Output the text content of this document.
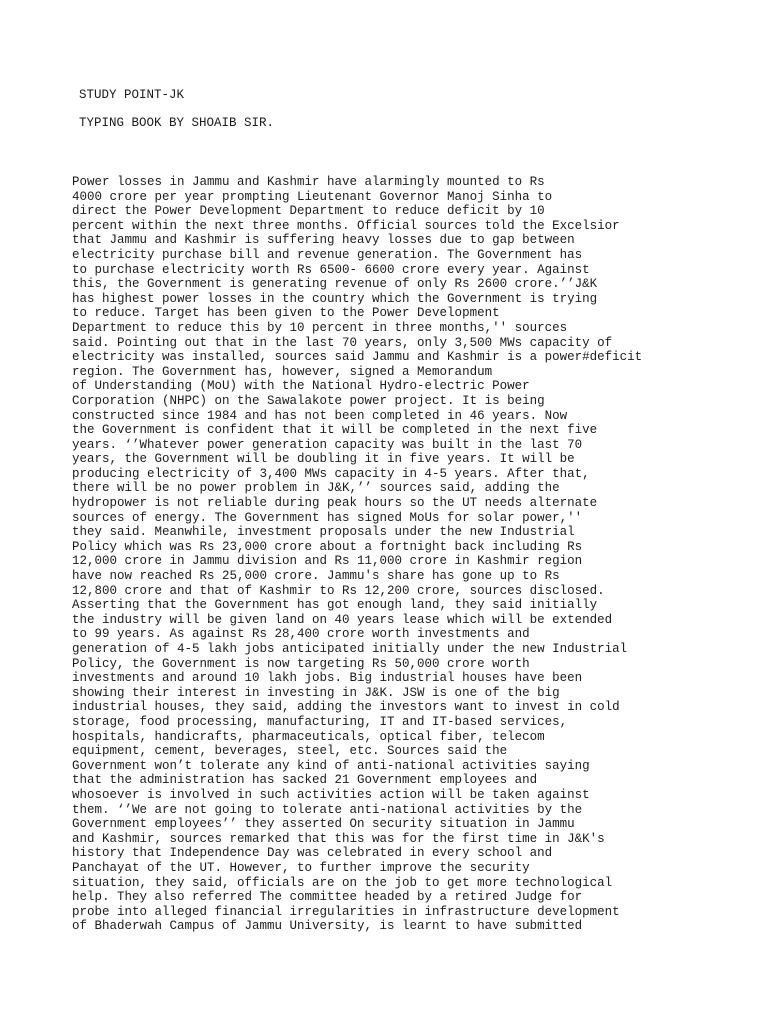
STUDY POINT-JK

TYPING BOOK BY SHOAIB SIR.

Power losses in Jammu and Kashmir have alarmingly mounted to Rs
4000 crore per year prompting Lieutenant Governor Manoj Sinha to
direct the Power Development Department to reduce deficit by 10
percent within the next three months. Official sources told the Excelsior
that Jammu and Kashmir is suffering heavy losses due to gap between
electricity purchase bill and revenue generation. The Government has
to purchase electricity worth Rs 6500- 6600 crore every year. Against
this, the Government is generating revenue of only Rs 2600 crore.’’J&K
has highest power losses in the country which the Government is trying
to reduce. Target has been given to the Power Development
Department to reduce this by 10 percent in three months,'' sources
said. Pointing out that in the last 70 years, only 3,500 MWs capacity of
electricity was installed, sources said Jammu and Kashmir is a power#deficit
region. The Government has, however, signed a Memorandum
of Understanding (MoU) with the National Hydro-electric Power
Corporation (NHPC) on the Sawalakote power project. It is being
constructed since 1984 and has not been completed in 46 years. Now
the Government is confident that it will be completed in the next five
years. ‘’Whatever power generation capacity was built in the last 70
years, the Government will be doubling it in five years. It will be
producing electricity of 3,400 MWs capacity in 4-5 years. After that,
there will be no power problem in J&K,’’ sources said, adding the
hydropower is not reliable during peak hours so the UT needs alternate
sources of energy. The Government has signed MoUs for solar power,''
they said. Meanwhile, investment proposals under the new Industrial
Policy which was Rs 23,000 crore about a fortnight back including Rs
12,000 crore in Jammu division and Rs 11,000 crore in Kashmir region
have now reached Rs 25,000 crore. Jammu's share has gone up to Rs
12,800 crore and that of Kashmir to Rs 12,200 crore, sources disclosed.
Asserting that the Government has got enough land, they said initially
the industry will be given land on 40 years lease which will be extended
to 99 years. As against Rs 28,400 crore worth investments and
generation of 4-5 lakh jobs anticipated initially under the new Industrial
Policy, the Government is now targeting Rs 50,000 crore worth
investments and around 10 lakh jobs. Big industrial houses have been
showing their interest in investing in J&K. JSW is one of the big
industrial houses, they said, adding the investors want to invest in cold
storage, food processing, manufacturing, IT and IT-based services,
hospitals, handicrafts, pharmaceuticals, optical fiber, telecom
equipment, cement, beverages, steel, etc. Sources said the
Government won’t tolerate any kind of anti-national activities saying
that the administration has sacked 21 Government employees and
whosoever is involved in such activities action will be taken against
them. ‘’We are not going to tolerate anti-national activities by the
Government employees’’ they asserted On security situation in Jammu
and Kashmir, sources remarked that this was for the first time in J&K's
history that Independence Day was celebrated in every school and
Panchayat of the UT. However, to further improve the security
situation, they said, officials are on the job to get more technological
help. They also referred The committee headed by a retired Judge for
probe into alleged financial irregularities in infrastructure development
of Bhaderwah Campus of Jammu University, is learnt to have submitted
